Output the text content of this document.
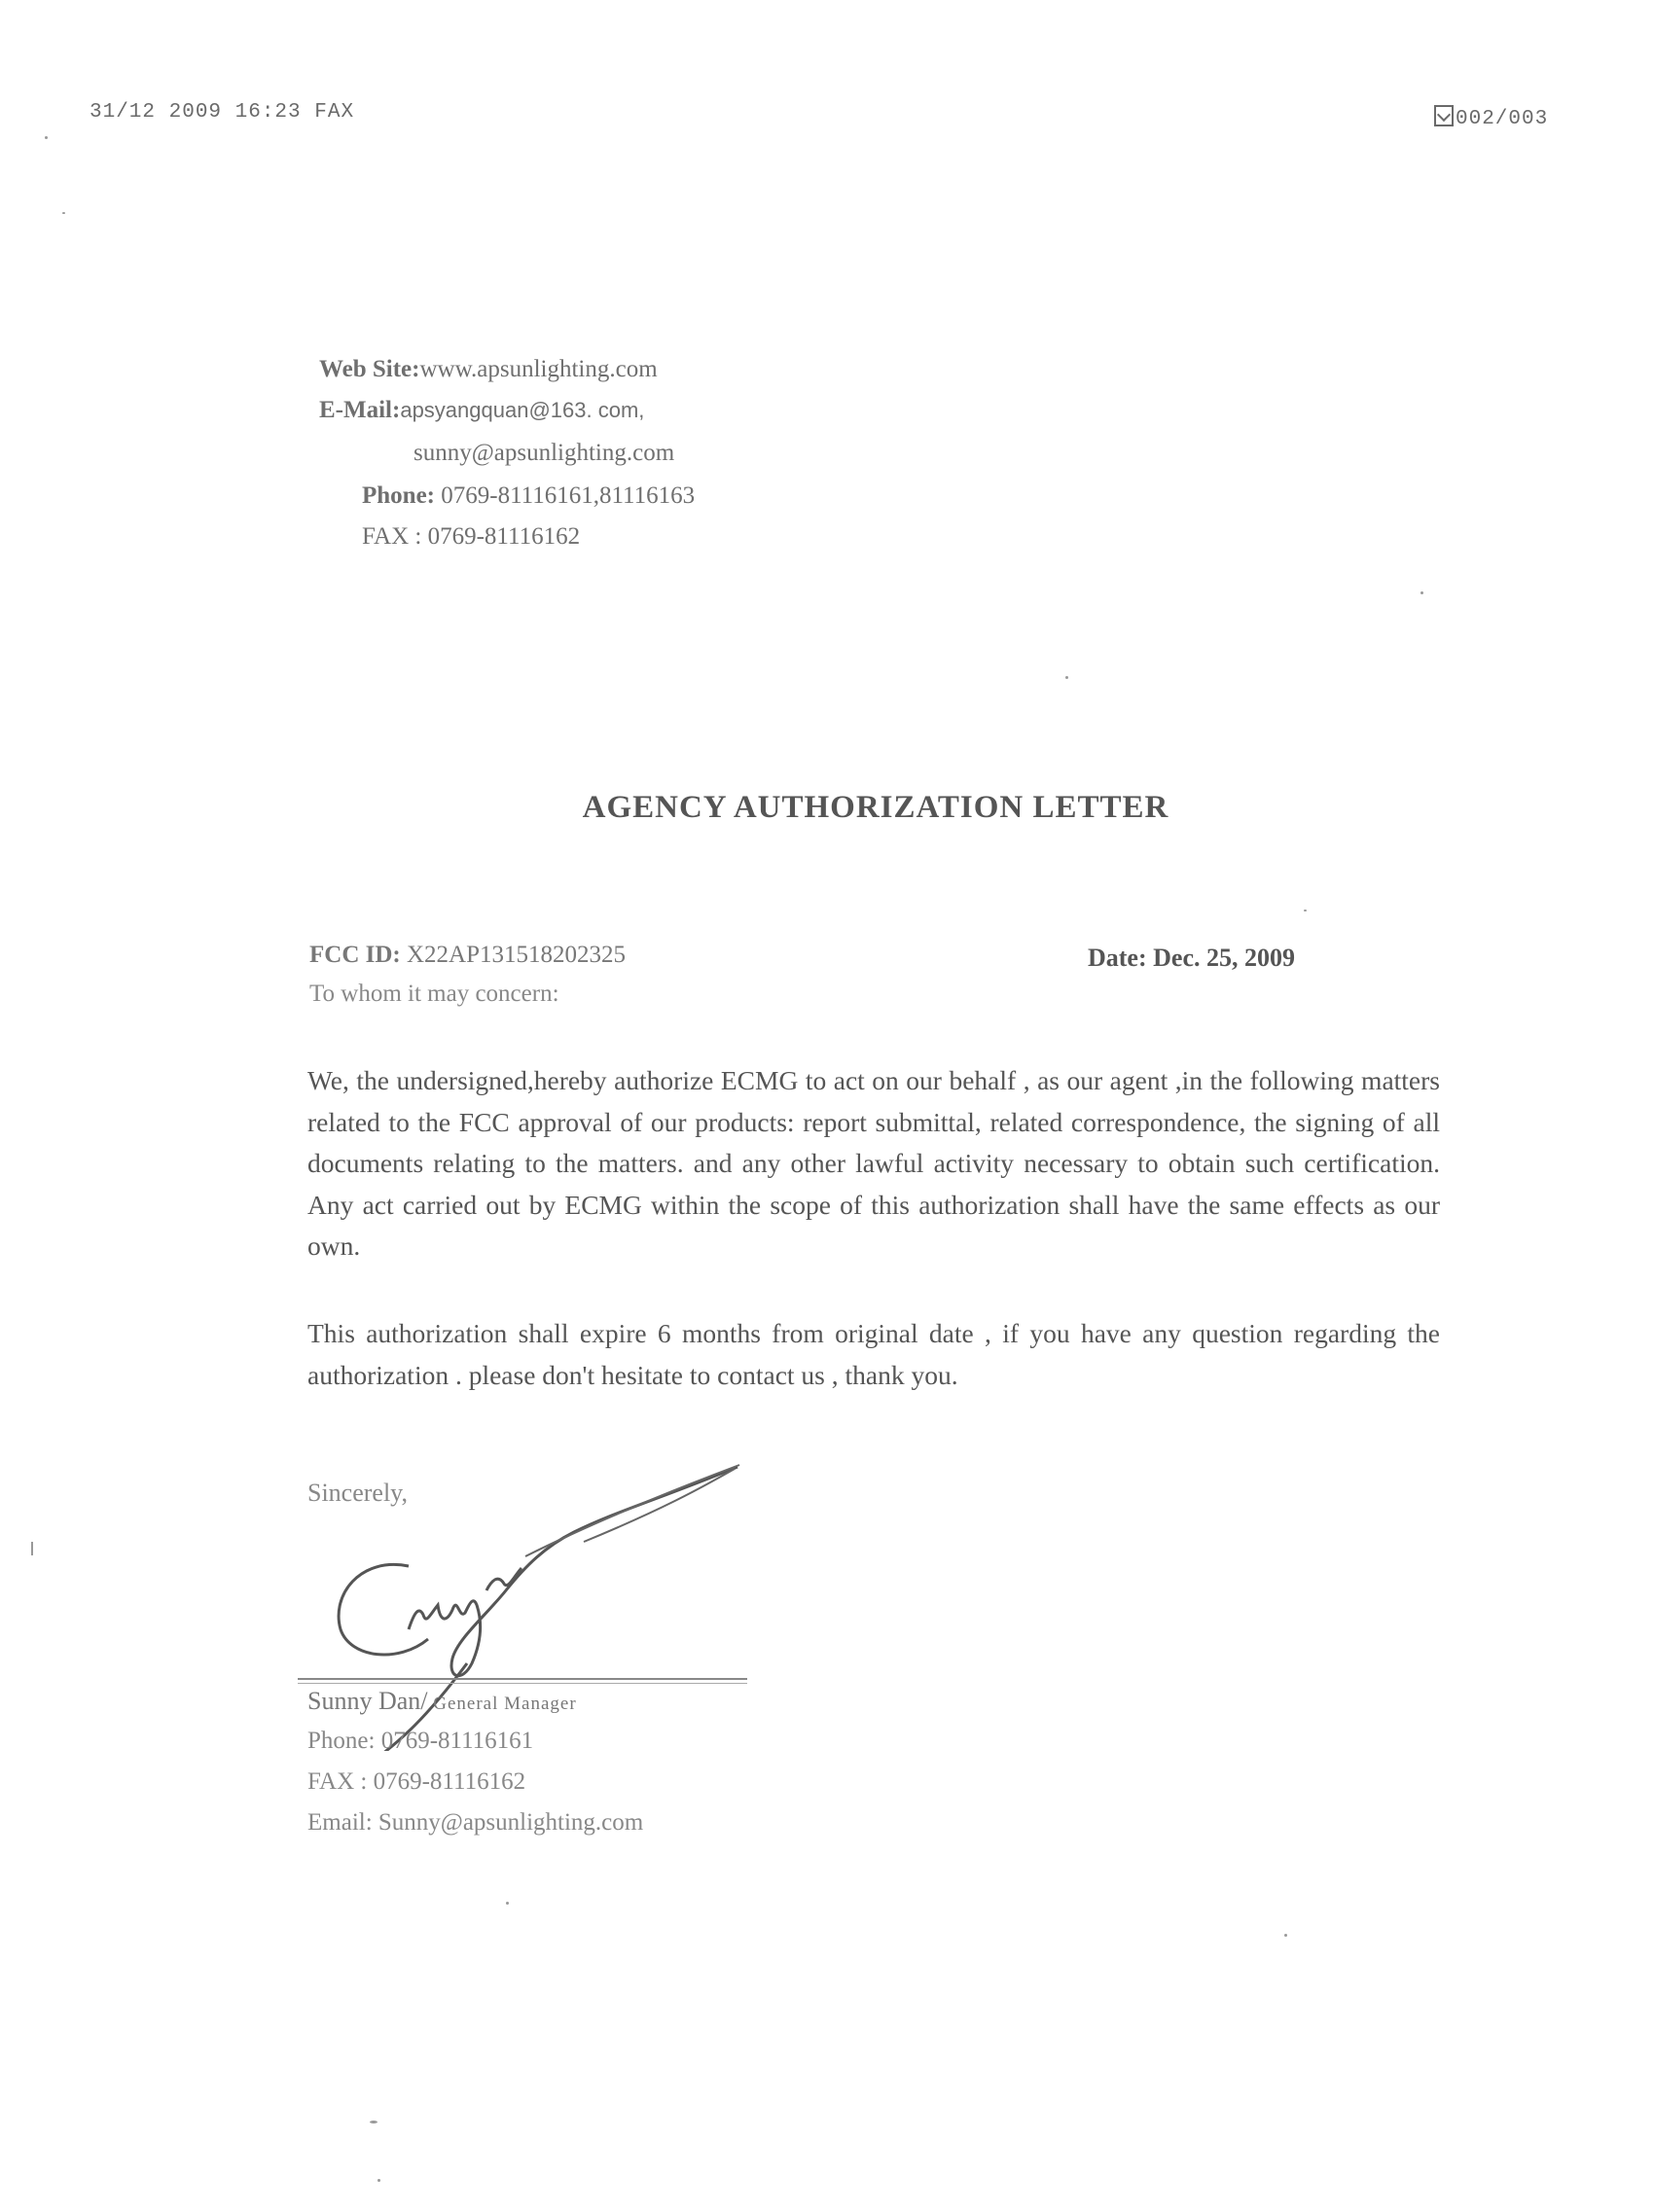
31/12 2009 16:23 FAX	002/003
Web Site:www.apsunlighting.com
E-Mail:apsyangquan@163. com,
sunny@apsunlighting.com
Phone: 0769-81116161,81116163
FAX : 0769-81116162
AGENCY AUTHORIZATION LETTER
FCC ID: X22AP131518202325	Date: Dec. 25, 2009
To whom it may concern:
We, the undersigned,hereby authorize ECMG to act on our behalf , as our agent ,in the following matters related to the FCC approval of our products: report submittal, related correspondence, the signing of all documents relating to the matters. and any other lawful activity necessary to obtain such certification. Any act carried out by ECMG within the scope of this authorization shall have the same effects as our own.
This authorization shall expire 6 months from original date , if you have any question regarding the authorization . please don't hesitate to contact us , thank you.
Sincerely,
Sunny Dan/ General Manager
Phone: 0769-81116161
FAX : 0769-81116162
Email: Sunny@apsunlighting.com
